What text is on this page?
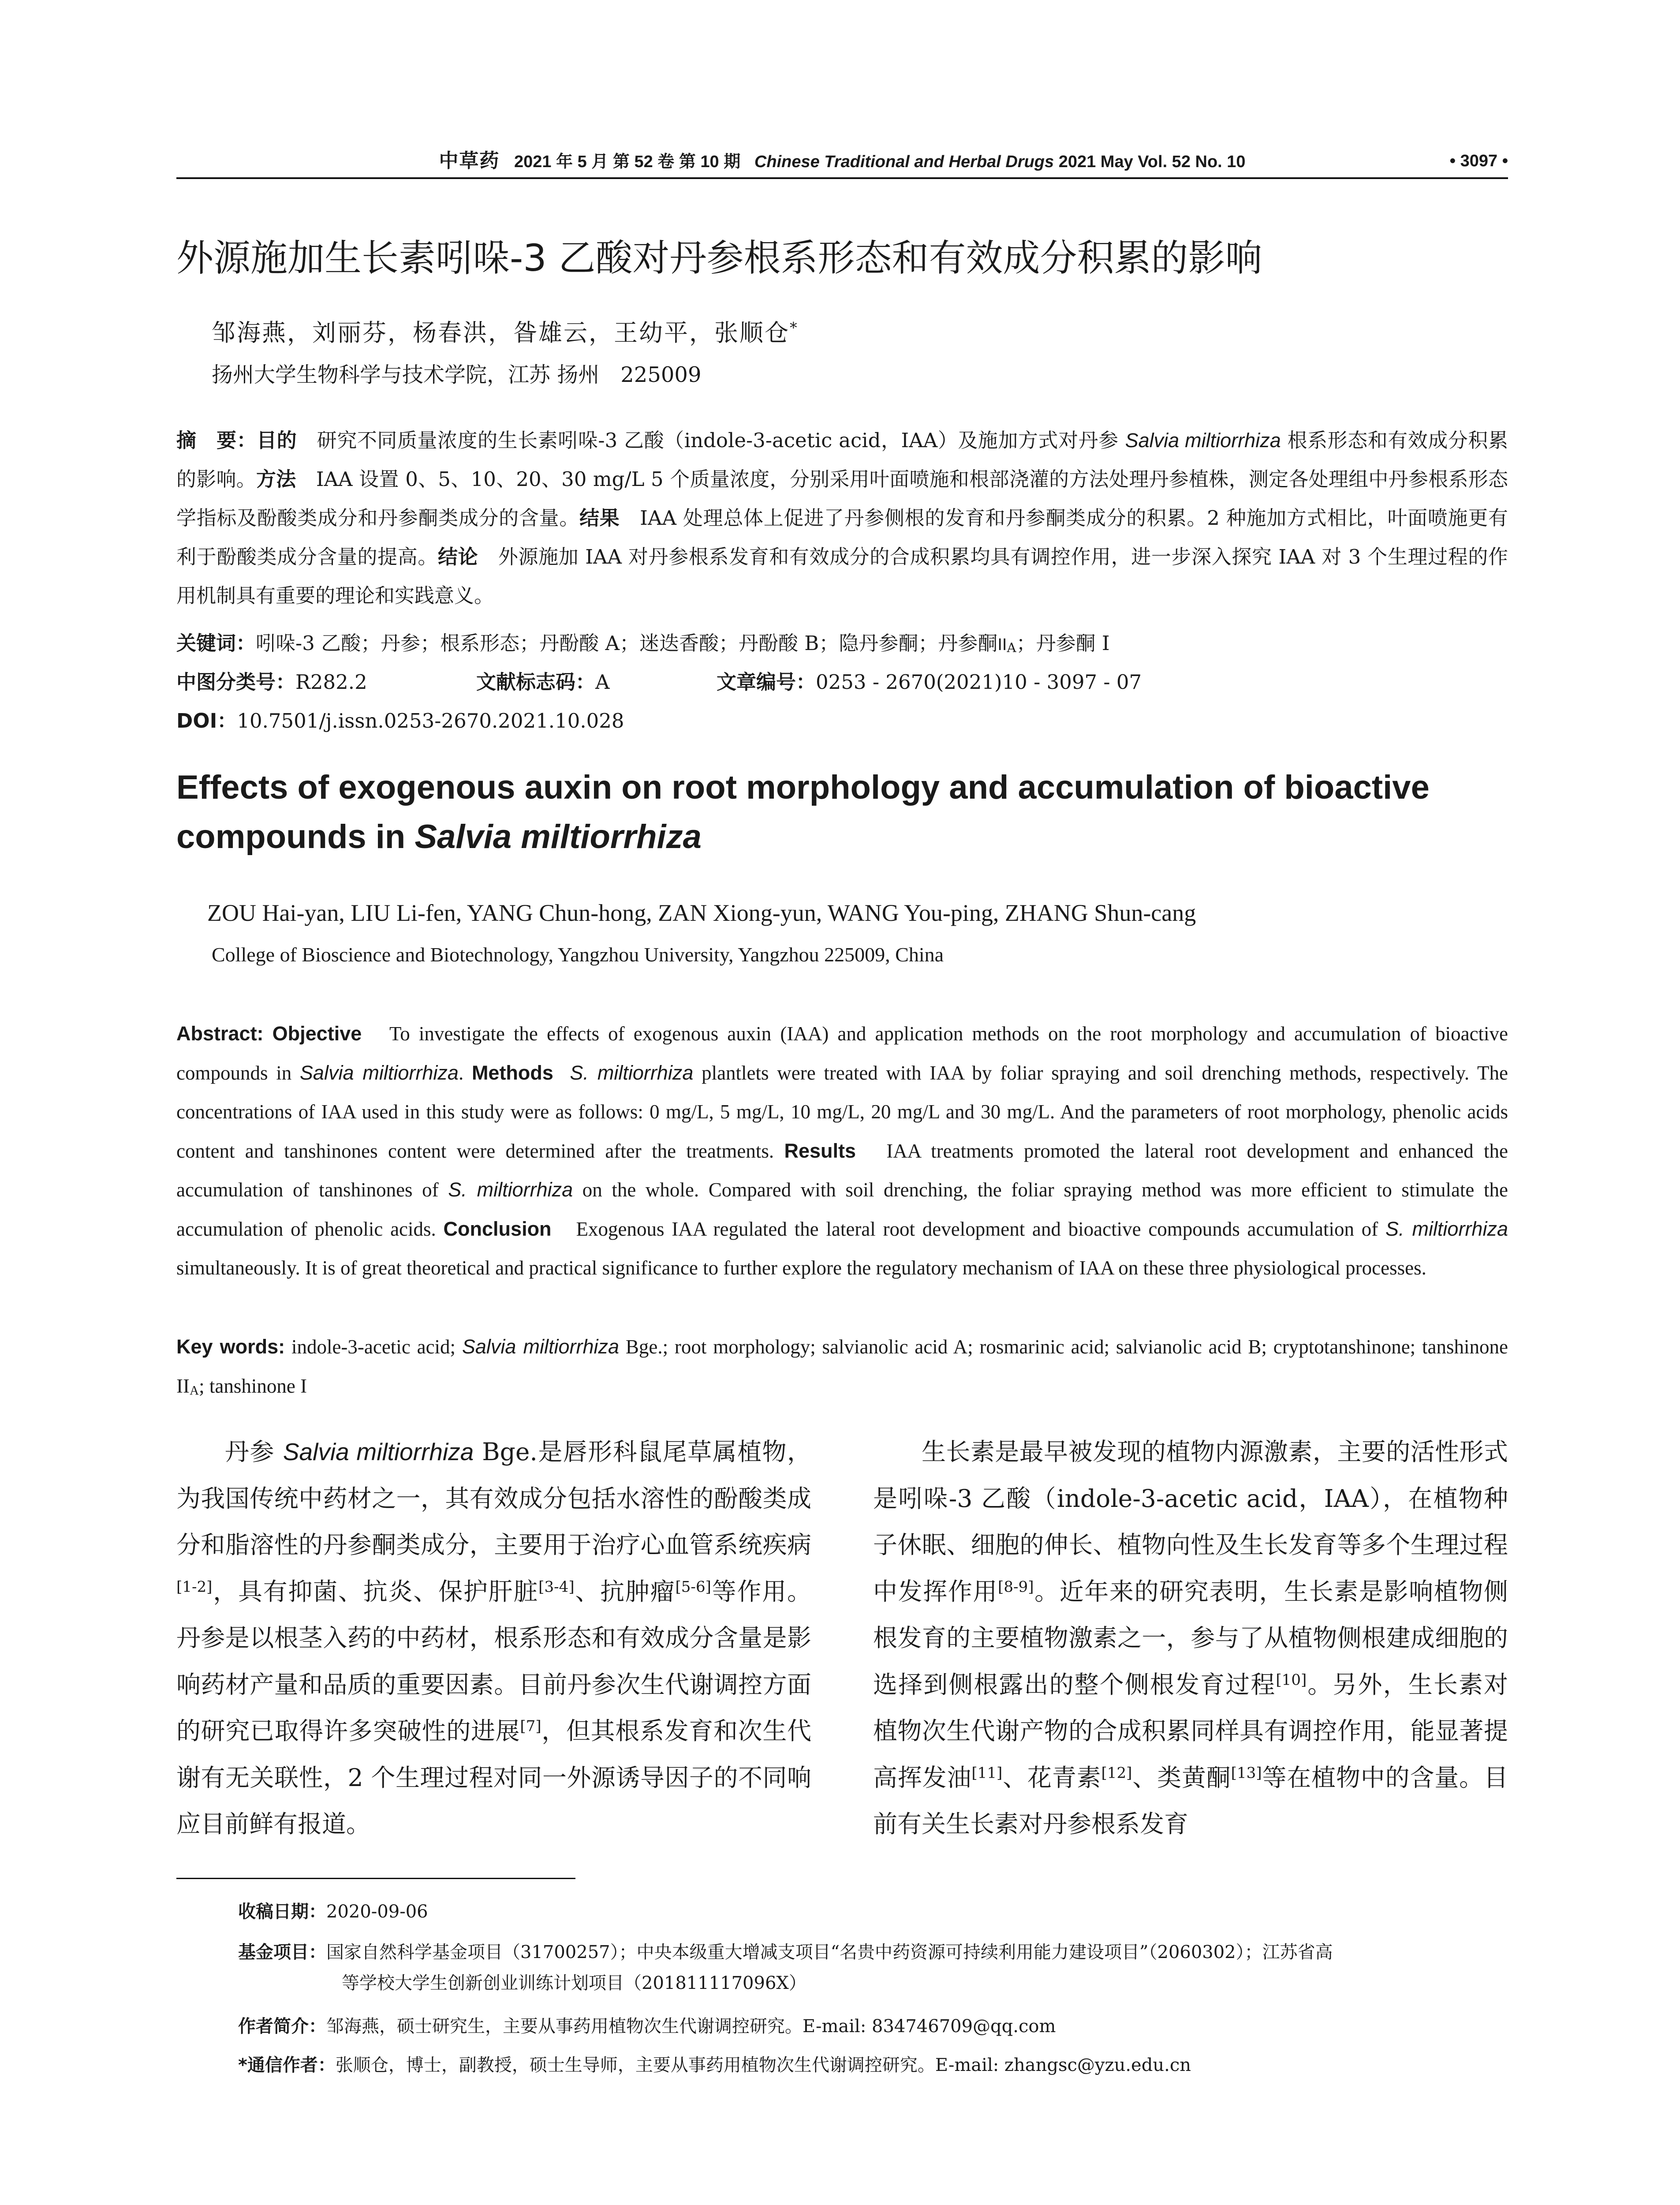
中草药 2021 年 5 月 第 52 卷 第 10 期 Chinese Traditional and Herbal Drugs 2021 May Vol. 52 No. 10	• 3097 •
外源施加生长素吲哚-3 乙酸对丹参根系形态和有效成分积累的影响
邹海燕，刘丽芬，杨春洪，昝雄云，王幼平，张顺仓*
扬州大学生物科学与技术学院，江苏 扬州　225009
摘　要：目的　研究不同质量浓度的生长素吲哚-3 乙酸（indole-3-acetic acid，IAA）及施加方式对丹参 Salvia miltiorrhiza 根系形态和有效成分积累的影响。方法　IAA 设置 0、5、10、20、30 mg/L 5 个质量浓度，分别采用叶面喷施和根部浇灌的方法处理丹参植株，测定各处理组中丹参根系形态学指标及酚酸类成分和丹参酮类成分的含量。结果　IAA 处理总体上促进了丹参侧根的发育和丹参酮类成分的积累。2 种施加方式相比，叶面喷施更有利于酚酸类成分含量的提高。结论　外源施加 IAA 对丹参根系发育和有效成分的合成积累均具有调控作用，进一步深入探究 IAA 对 3 个生理过程的作用机制具有重要的理论和实践意义。
关键词：吲哚-3 乙酸；丹参；根系形态；丹酚酸 A；迷迭香酸；丹酚酸 B；隐丹参酮；丹参酮$II_A$；丹参酮 I
中图分类号：R282.2	文献标志码：A	文章编号：0253 - 2670(2021)10 - 3097 - 07
DOI：10.7501/j.issn.0253-2670.2021.10.028
Effects of exogenous auxin on root morphology and accumulation of bioactive compounds in Salvia miltiorrhiza
ZOU Hai-yan, LIU Li-fen, YANG Chun-hong, ZAN Xiong-yun, WANG You-ping, ZHANG Shun-cang
College of Bioscience and Biotechnology, Yangzhou University, Yangzhou 225009, China
Abstract: Objective　To investigate the effects of exogenous auxin (IAA) and application methods on the root morphology and accumulation of bioactive compounds in Salvia miltiorrhiza. Methods S. miltiorrhiza plantlets were treated with IAA by foliar spraying and soil drenching methods, respectively. The concentrations of IAA used in this study were as follows: 0 mg/L, 5 mg/L, 10 mg/L, 20 mg/L and 30 mg/L. And the parameters of root morphology, phenolic acids content and tanshinones content were determined after the treatments. Results　IAA treatments promoted the lateral root development and enhanced the accumulation of tanshinones of S. miltiorrhiza on the whole. Compared with soil drenching, the foliar spraying method was more efficient to stimulate the accumulation of phenolic acids. Conclusion　Exogenous IAA regulated the lateral root development and bioactive compounds accumulation of S. miltiorrhiza simultaneously. It is of great theoretical and practical significance to further explore the regulatory mechanism of IAA on these three physiological processes.
Key words: indole-3-acetic acid; Salvia miltiorrhiza Bge.; root morphology; salvianolic acid A; rosmarinic acid; salvianolic acid B; cryptotanshinone; tanshinone $II_A$; tanshinone I
丹参 Salvia miltiorrhiza Bge.是唇形科鼠尾草属植物，为我国传统中药材之一，其有效成分包括水溶性的酚酸类成分和脂溶性的丹参酮类成分，主要用于治疗心血管系统疾病[1-2]，具有抑菌、抗炎、保护肝脏[3-4]、抗肿瘤[5-6]等作用。丹参是以根茎入药的中药材，根系形态和有效成分含量是影响药材产量和品质的重要因素。目前丹参次生代谢调控方面的研究已取得许多突破性的进展[7]，但其根系发育和次生代谢有无关联性，2 个生理过程对同一外源诱导因子的不同响应目前鲜有报道。
生长素是最早被发现的植物内源激素，主要的活性形式是吲哚-3 乙酸（indole-3-acetic acid，IAA），在植物种子休眠、细胞的伸长、植物向性及生长发育等多个生理过程中发挥作用[8-9]。近年来的研究表明，生长素是影响植物侧根发育的主要植物激素之一，参与了从植物侧根建成细胞的选择到侧根露出的整个侧根发育过程[10]。另外，生长素对植物次生代谢产物的合成积累同样具有调控作用，能显著提高挥发油[11]、花青素[12]、类黄酮[13]等在植物中的含量。目前有关生长素对丹参根系发育
收稿日期：2020-09-06
基金项目：国家自然科学基金项目（31700257）；中央本级重大增减支项目“名贵中药资源可持续利用能力建设项目”（2060302）；江苏省高
等学校大学生创新创业训练计划项目（201811117096X）
作者简介：邹海燕，硕士研究生，主要从事药用植物次生代谢调控研究。E-mail: 834746709@qq.com
*通信作者：张顺仓，博士，副教授，硕士生导师，主要从事药用植物次生代谢调控研究。E-mail: zhangsc@yzu.edu.cn
